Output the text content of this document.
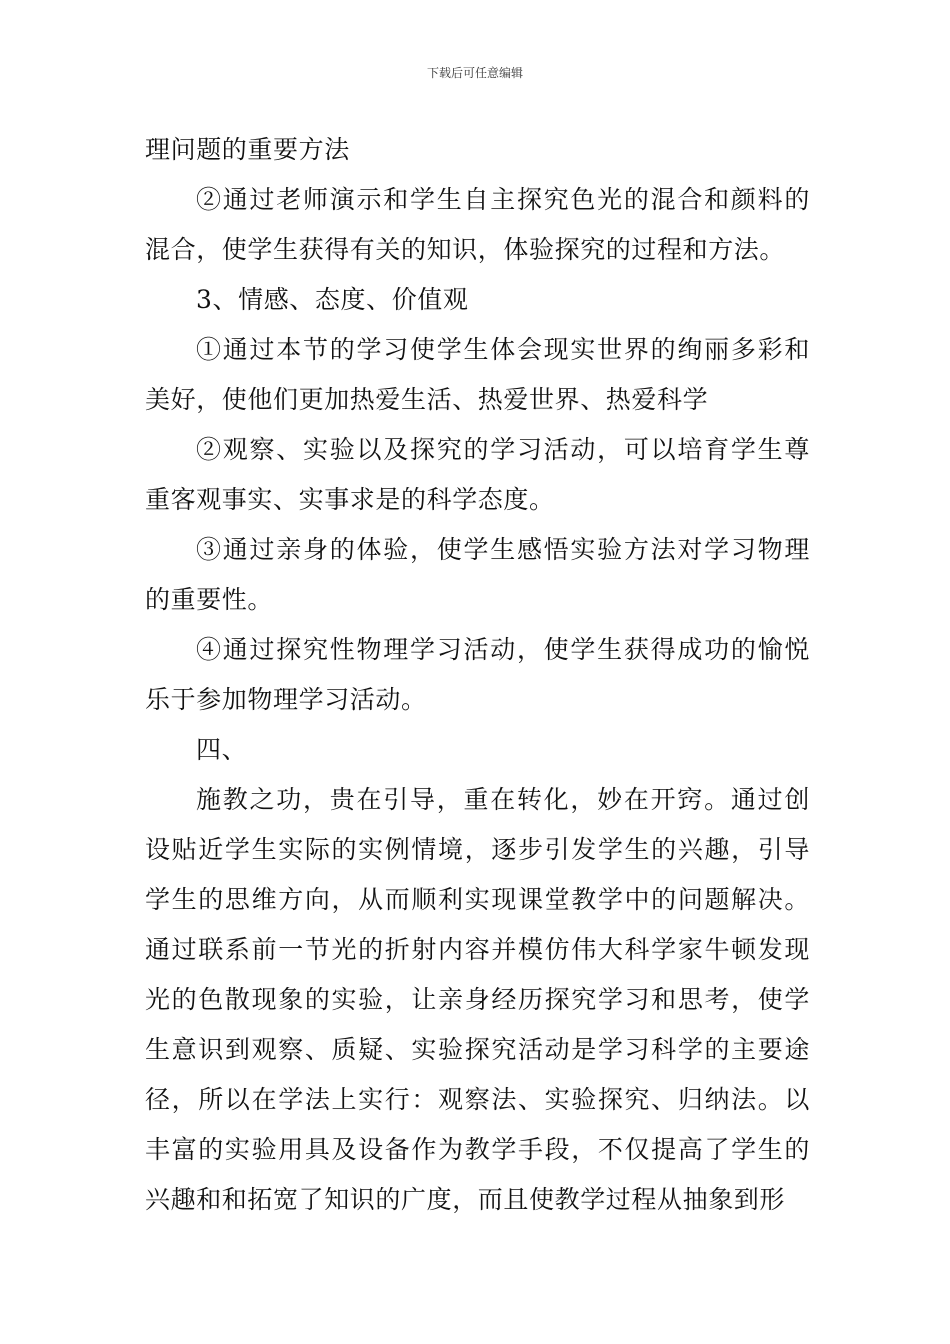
下载后可任意编辑

理问题的重要方法

②通过老师演示和学生自主探究色光的混合和颜料的混合，使学生获得有关的知识，体验探究的过程和方法。

3、情感、态度、价值观

①通过本节的学习使学生体会现实世界的绚丽多彩和美好，使他们更加热爱生活、热爱世界、热爱科学

②观察、实验以及探究的学习活动，可以培育学生尊重客观事实、实事求是的科学态度。

③通过亲身的体验，使学生感悟实验方法对学习物理的重要性。

④通过探究性物理学习活动，使学生获得成功的愉悦乐于参加物理学习活动。

四、

施教之功，贵在引导，重在转化，妙在开窍。通过创设贴近学生实际的实例情境，逐步引发学生的兴趣，引导学生的思维方向，从而顺利实现课堂教学中的问题解决。通过联系前一节光的折射内容并模仿伟大科学家牛顿发现光的色散现象的实验，让亲身经历探究学习和思考，使学生意识到观察、质疑、实验探究活动是学习科学的主要途径，所以在学法上实行：观察法、实验探究、归纳法。以丰富的实验用具及设备作为教学手段，不仅提高了学生的兴趣和和拓宽了知识的广度，而且使教学过程从抽象到形
